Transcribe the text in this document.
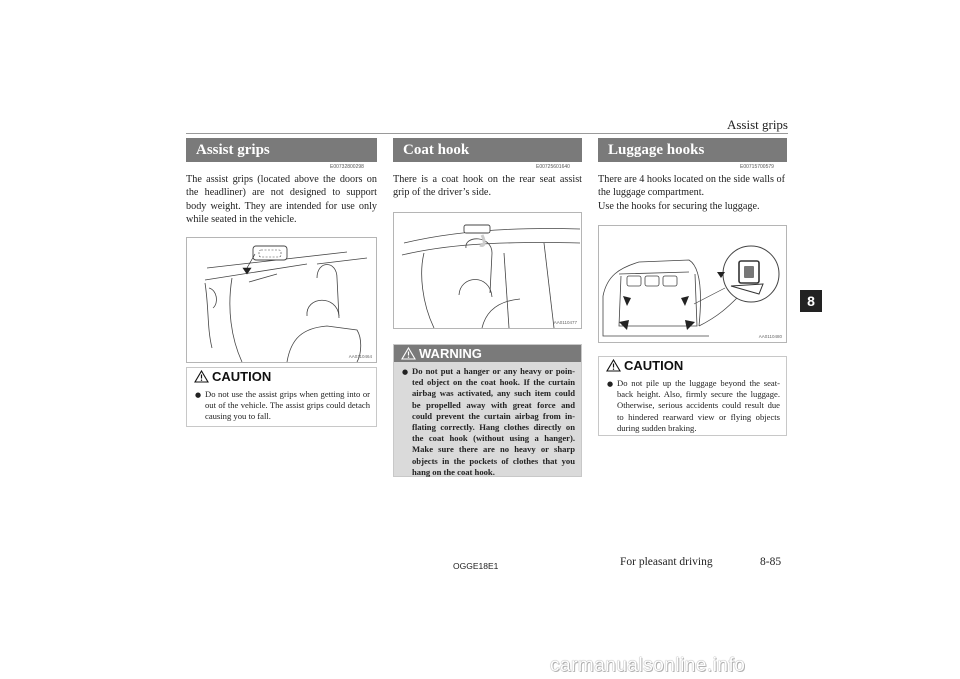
Assist grips
Assist grips
E00732800298
The assist grips (located above the doors on the headliner) are not designed to support body weight. They are intended for use only while seated in the vehicle.
AA0110464
CAUTION
● Do not use the assist grips when getting into or out of the vehicle. The assist grips could detach causing you to fall.
Coat hook
E00725601640
There is a coat hook on the rear seat assist grip of the driver’s side.
AA0110477
WARNING
● Do not put a hanger or any heavy or poin-ted object on the coat hook. If the curtain airbag was activated, any such item could be propelled away with great force and could prevent the curtain airbag from in-flating correctly. Hang clothes directly on the coat hook (without using a hanger). Make sure there are no heavy or sharp objects in the pockets of clothes that you hang on the coat hook.
Luggage hooks
E00715700579
There are 4 hooks located on the side walls of the luggage compartment.
Use the hooks for securing the luggage.
AA0110480
CAUTION
● Do not pile up the luggage beyond the seat-back height. Also, firmly secure the luggage. Otherwise, serious accidents could result due to hindered rearward view or flying objects during sudden braking.
8
OGGE18E1	For pleasant driving	8-85
carmanualsonline.info
